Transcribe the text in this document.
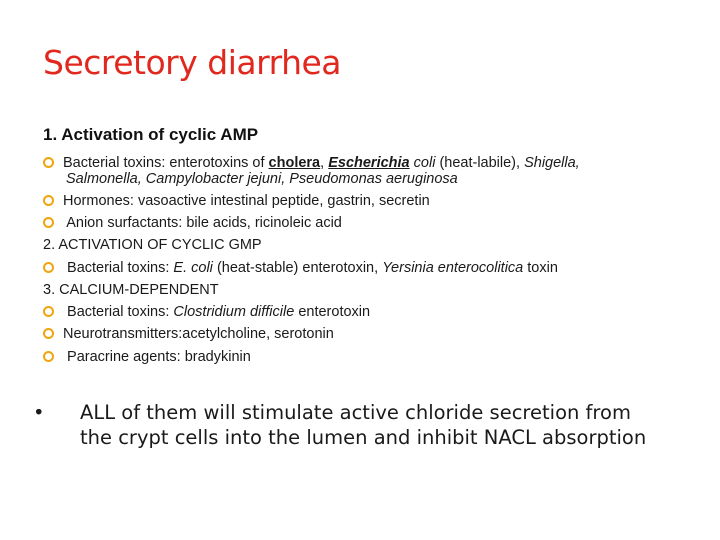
Secretory diarrhea
1. Activation of cyclic AMP
Bacterial toxins: enterotoxins of cholera, Escherichia coli (heat-labile), Shigella,
Salmonella, Campylobacter jejuni, Pseudomonas aeruginosa
Hormones: vasoactive intestinal peptide, gastrin, secretin
Anion surfactants: bile acids, ricinoleic acid
2. ACTIVATION OF CYCLIC GMP
Bacterial toxins: E. coli (heat-stable) enterotoxin, Yersinia enterocolitica toxin
3. CALCIUM-DEPENDENT
Bacterial toxins: Clostridium difficile enterotoxin
Neurotransmitters:acetylcholine, serotonin
Paracrine agents: bradykinin
•	ALL of them will stimulate active chloride secretion from
the crypt cells into the lumen and inhibit NACL absorption
